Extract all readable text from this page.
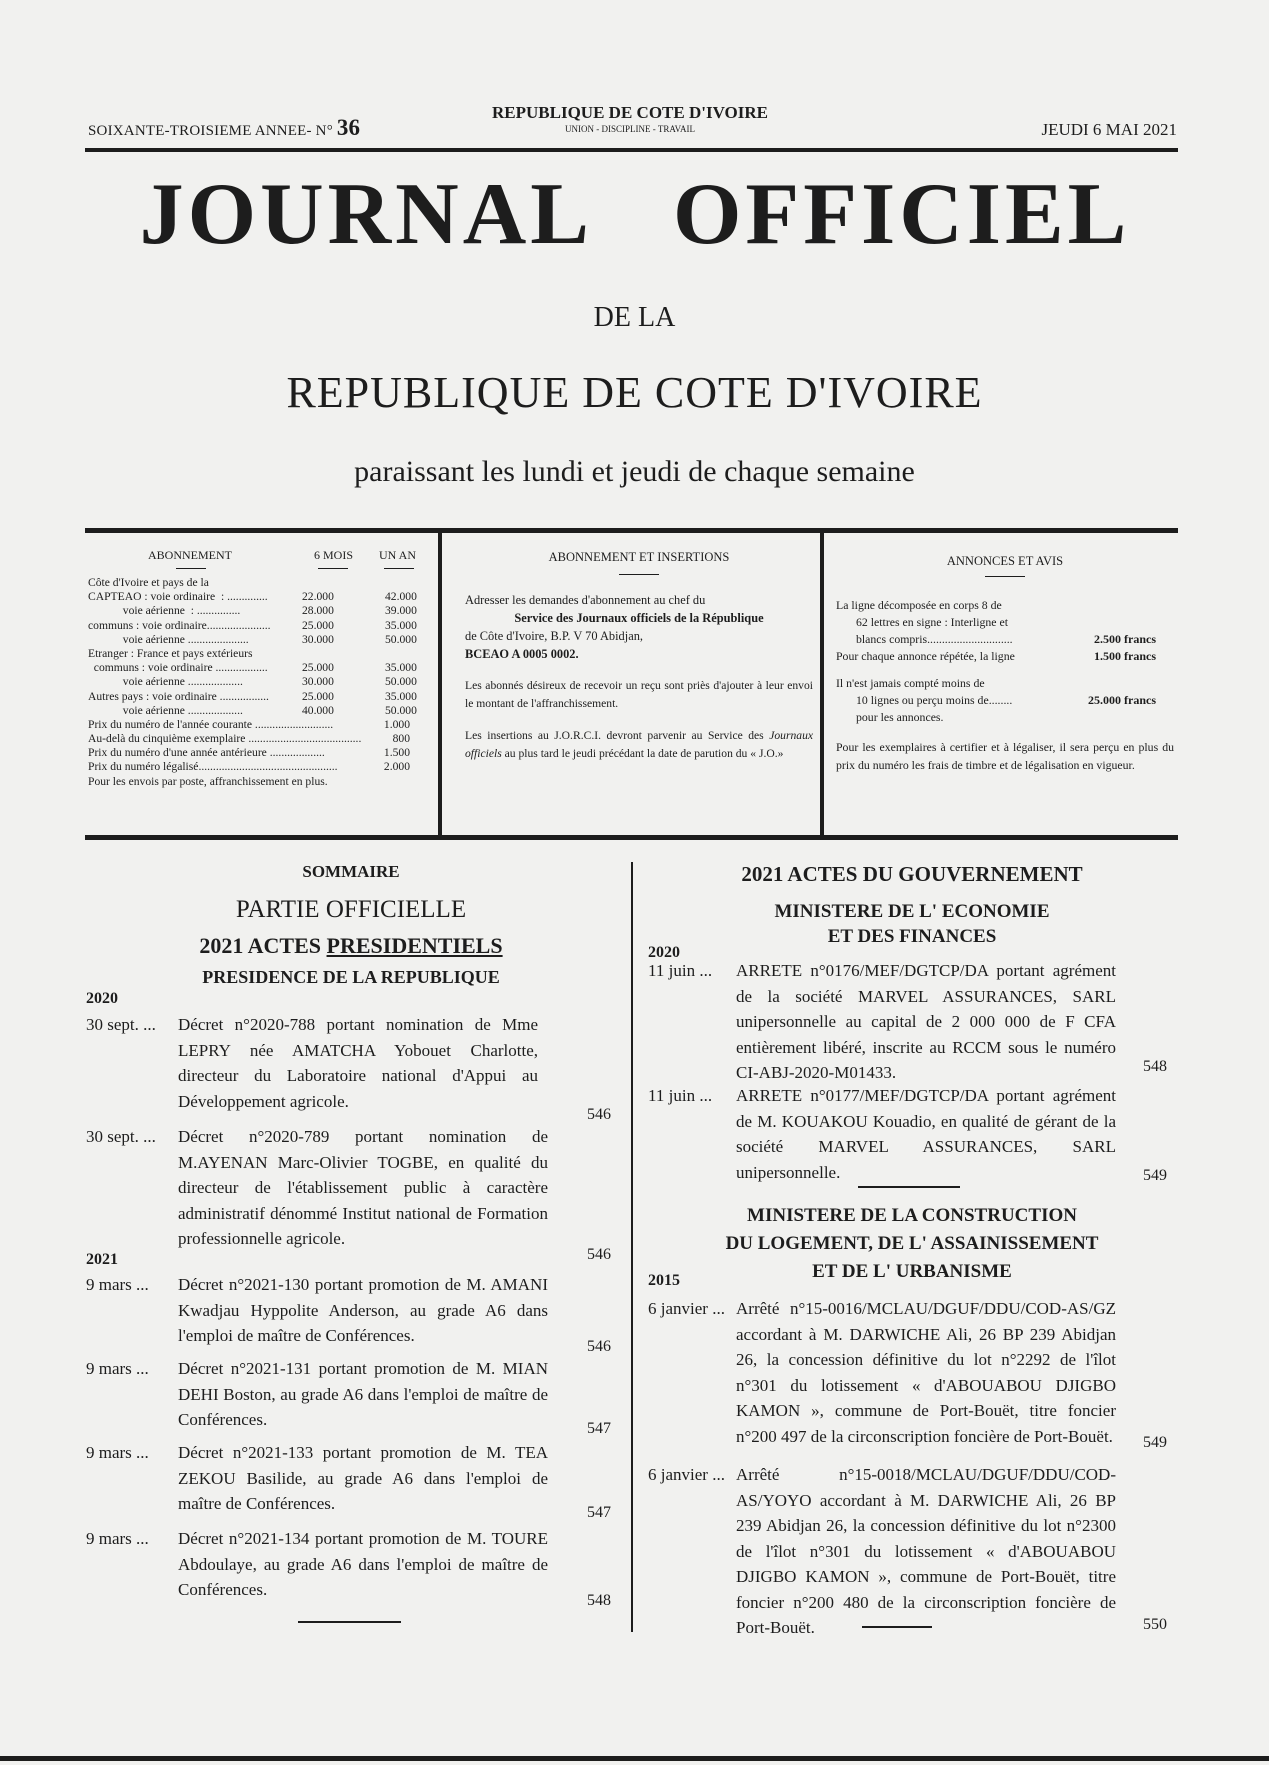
SOIXANTE-TROISIEME ANNEE- N° 36
REPUBLIQUE DE COTE D'IVOIRE
UNION - DISCIPLINE - TRAVAIL	JEUDI 6 MAI 2021
JOURNAL OFFICIEL
DE LA
REPUBLIQUE DE COTE D'IVOIRE
paraissant les lundi et jeudi de chaque semaine
ABONNEMENT	6 MOIS UN AN
Côte d'Ivoire et pays de la
CAPTEAO : voie ordinaire  : ..............	22.000	42.000
voie aérienne  : ...............	28.000	39.000
communs : voie ordinaire......................	25.000	35.000
voie aérienne .....................	30.000	50.000
Etranger : France et pays extérieurs
communs : voie ordinaire ..................	25.000	35.000
voie aérienne ...................	30.000	50.000
Autres pays : voie ordinaire .................	25.000	35.000
voie aérienne ...................	40.000	50.000
Prix du numéro de l'année courante ...........................	1.000
Au-delà du cinquième exemplaire .......................................	800
Prix du numéro d'une année antérieure ...................	1.500
Prix du numéro légalisé................................................	2.000
Pour les envois par poste, affranchissement en plus.
ABONNEMENT ET INSERTIONS

Adresser les demandes d'abonnement au chef du

Service des Journaux officiels de la République

de Côte d'Ivoire, B.P. V 70 Abidjan,

BCEAO A 0005 0002.

Les abonnés désireux de recevoir un reçu sont priès d'ajouter à leur envoi le montant de l'affranchissement.

Les insertions au J.O.R.C.I. devront parvenir au Service des Journaux officiels au plus tard le jeudi précédant la date de parution du « J.O.»

ANNONCES ET AVIS
La ligne décomposée en corps 8 de
62 lettres en signe : Interligne et
blancs compris.............................	2.500 francs
Pour chaque annonce répétée, la ligne	1.500 francs
Il n'est jamais compté moins de
10 lignes ou perçu moins de........	25.000 francs
pour les annonces.
Pour les exemplaires à certifier et à légaliser, il sera perçu en plus du prix du numéro les frais de timbre et de légalisation en vigueur.
SOMMAIRE
PARTIE OFFICIELLE
2021 ACTES PRESIDENTIELS
PRESIDENCE DE LA REPUBLIQUE
2020
2021
30 sept. ... Décret n°2020-788 portant nomination de Mme LEPRY née AMATCHA Yobouet Charlotte, directeur du Laboratoire national d'Appui au Développement agricole.
546
30 sept. ... Décret n°2020-789 portant nomination de M.AYENAN Marc-Olivier TOGBE, en qualité du directeur de l'établissement public à caractère administratif dénommé Institut national de Formation professionnelle agricole.
546
9 mars ... Décret n°2021-130 portant promotion de M. AMANI Kwadjau Hyppolite Anderson, au grade A6 dans l'emploi de maître de Conférences.
546
9 mars ... Décret n°2021-131 portant promotion de M. MIAN DEHI Boston, au grade A6 dans l'emploi de maître de Conférences.	547
9 mars ... Décret n°2021-133 portant promotion de M. TEA ZEKOU Basilide, au grade A6 dans l'emploi de maître de Conférences.	547
9 mars ... Décret n°2021-134 portant promotion de M. TOURE Abdoulaye, au grade A6 dans l'emploi de maître de Conférences.
548
2021 ACTES DU GOUVERNEMENT
MINISTERE DE L' ECONOMIE
ET DES FINANCES
2020
MINISTERE DE LA CONSTRUCTION
DU LOGEMENT, DE L' ASSAINISSEMENT
ET DE L' URBANISME
2015
11 juin ... ARRETE n°0176/MEF/DGTCP/DA portant agrément de la société MARVEL ASSURANCES, SARL unipersonnelle au capital de 2 000 000 de F CFA entièrement libéré, inscrite au RCCM sous le numéro CI-ABJ-2020-M01433.	548
11 juin ... ARRETE n°0177/MEF/DGTCP/DA portant agrément de M. KOUAKOU Kouadio, en qualité de gérant de la société MARVEL ASSURANCES, SARL unipersonnelle.	549
6 janvier ... Arrêté n°15-0016/MCLAU/DGUF/DDU/COD-AS/GZ accordant à M. DARWICHE Ali, 26 BP 239 Abidjan 26, la concession définitive du lot n°2292 de l'îlot n°301 du lotissement « d'ABOUABOU DJIGBO KAMON », commune de Port-Bouët, titre foncier n°200 497 de la circonscription foncière de Port-Bouët. 549
6 janvier ... Arrêté n°15-0018/MCLAU/DGUF/DDU/COD-AS/YOYO accordant à M. DARWICHE Ali, 26 BP 239 Abidjan 26, la concession définitive du lot n°2300 de l'îlot n°301 du lotissement « d'ABOUABOU DJIGBO KAMON », commune de Port-Bouët, titre foncier n°200 480 de la circonscription foncière de Port-Bouët.	550
